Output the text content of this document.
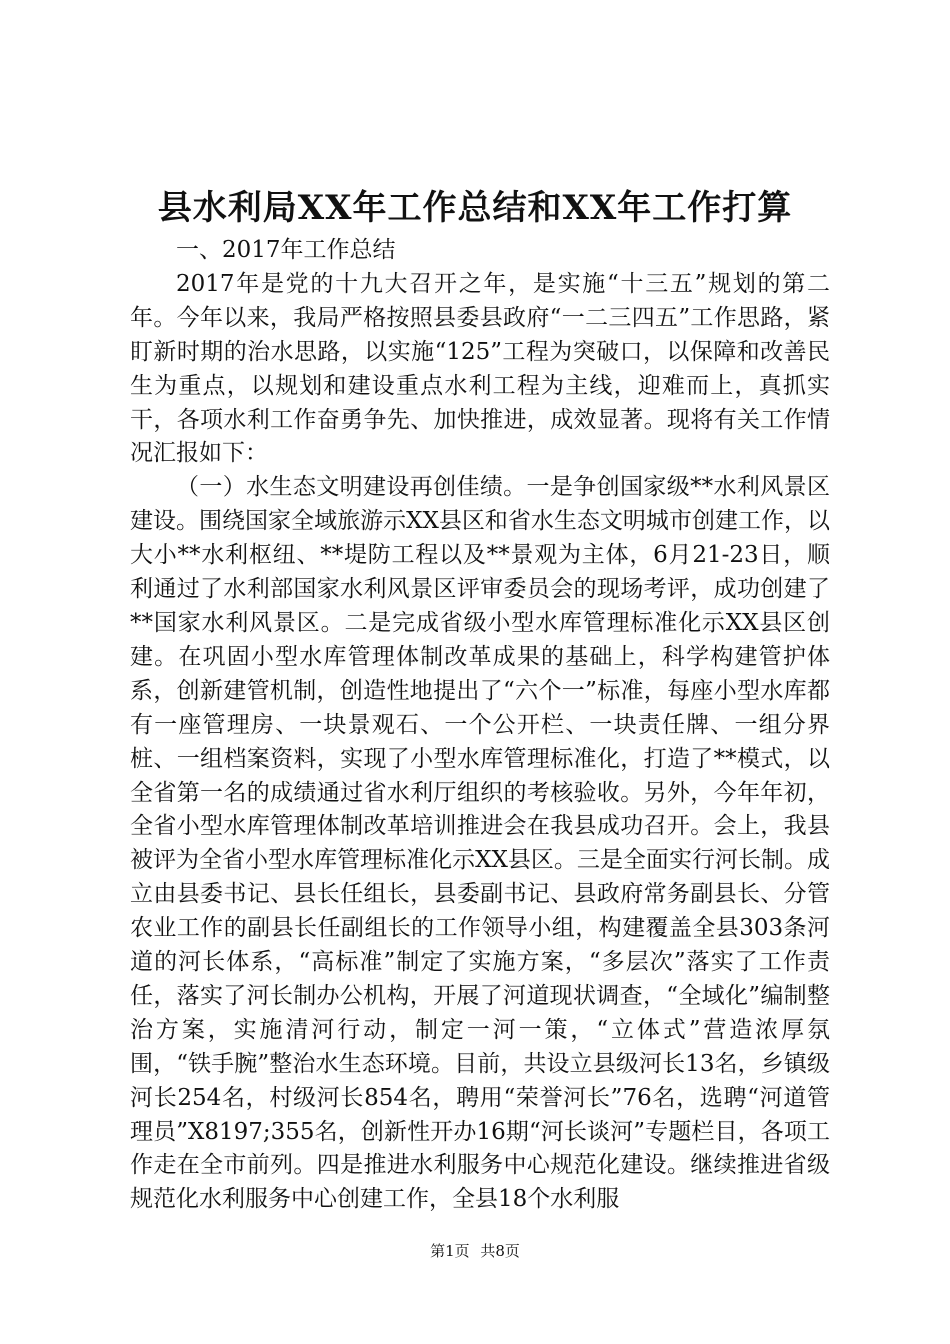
县水利局XX年工作总结和XX年工作打算

一、2017年工作总结

2017年是党的十九大召开之年，是实施“十三五”规划的第二年。今年以来，我局严格按照县委县政府“一二三四五”工作思路，紧盯新时期的治水思路，以实施“125”工程为突破口，以保障和改善民生为重点，以规划和建设重点水利工程为主线，迎难而上，真抓实干，各项水利工作奋勇争先、加快推进，成效显著。现将有关工作情况汇报如下：

（一）水生态文明建设再创佳绩。一是争创国家级**水利风景区建设。围绕国家全域旅游示XX县区和省水生态文明城市创建工作，以大小**水利枢纽、**堤防工程以及**景观为主体，6月21-23日，顺利通过了水利部国家水利风景区评审委员会的现场考评，成功创建了**国家水利风景区。二是完成省级小型水库管理标准化示XX县区创建。在巩固小型水库管理体制改革成果的基础上，科学构建管护体系，创新建管机制，创造性地提出了“六个一”标准，每座小型水库都有一座管理房、一块景观石、一个公开栏、一块责任牌、一组分界桩、一组档案资料，实现了小型水库管理标准化，打造了**模式，以全省第一名的成绩通过省水利厅组织的考核验收。另外，今年年初，全省小型水库管理体制改革培训推进会在我县成功召开。会上，我县被评为全省小型水库管理标准化示XX县区。三是全面实行河长制。成立由县委书记、县长任组长，县委副书记、县政府常务副县长、分管农业工作的副县长任副组长的工作领导小组，构建覆盖全县303条河道的河长体系，“高标准”制定了实施方案，“多层次”落实了工作责任，落实了河长制办公机构，开展了河道现状调查，“全域化”编制整治方案，实施清河行动，制定一河一策，“立体式”营造浓厚氛围，“铁手腕”整治水生态环境。目前，共设立县级河长13名，乡镇级河长254名，村级河长854名，聘用“荣誉河长”76名，选聘“河道管理员”X8197;355名，创新性开办16期“河长谈河”专题栏目，各项工作走在全市前列。四是推进水利服务中心规范化建设。继续推进省级规范化水利服务中心创建工作，全县18个水利服

第1页 共8页
